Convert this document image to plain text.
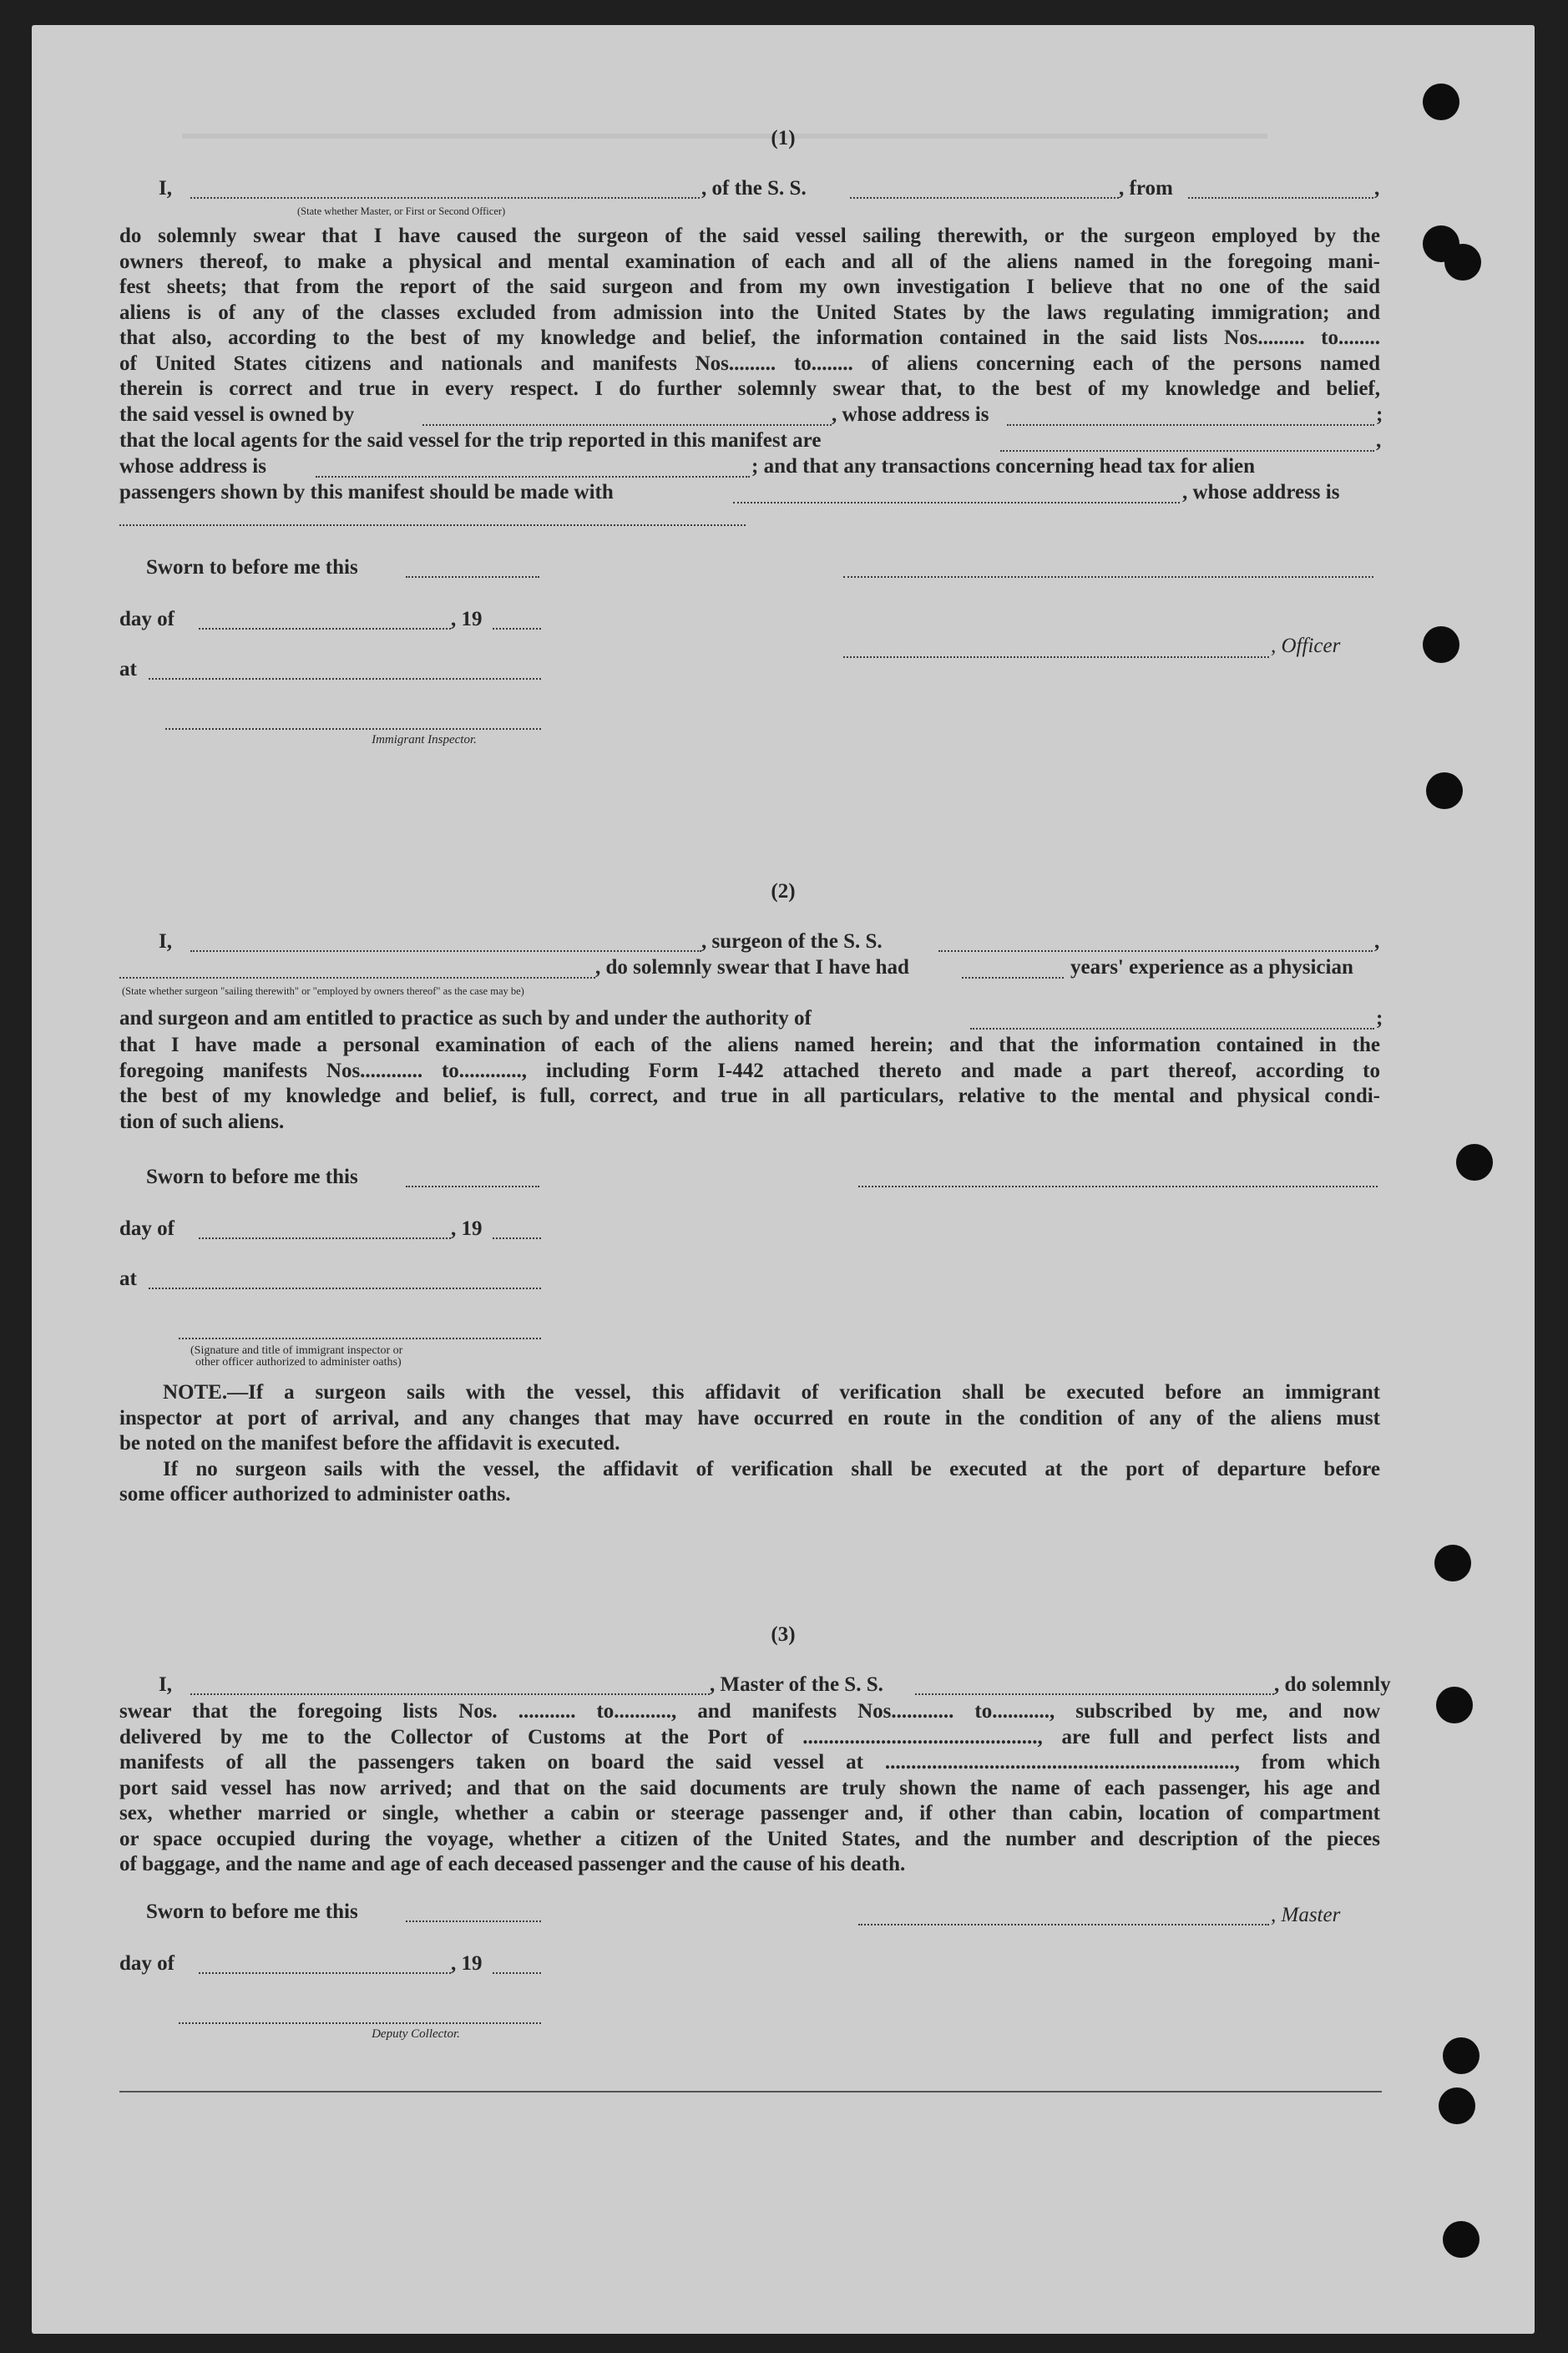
(1)
I,	, of the S. S.	, from	,
(State whether Master, or First or Second Officer)
do solemnly swear that I have caused the surgeon of the said vessel sailing therewith, or the surgeon employed by the
owners thereof, to make a physical and mental examination of each and all of the aliens named in the foregoing mani-
fest sheets; that from the report of the said surgeon and from my own investigation I believe that no one of the said
aliens is of any of the classes excluded from admission into the United States by the laws regulating immigration; and
that also, according to the best of my knowledge and belief, the information contained in the said lists Nos......... to........
of United States citizens and nationals and manifests Nos......... to........ of aliens concerning each of the persons named
therein is correct and true in every respect. I do further solemnly swear that, to the best of my knowledge and belief,
the said vessel is owned by	, whose address is	;
that the local agents for the said vessel for the trip reported in this manifest are	,
whose address is	; and that any transactions concerning head tax for alien
passengers shown by this manifest should be made with	, whose address is
Sworn to before me this
day of	, 19
, Officer
at
Immigrant Inspector.
(2)
I,	, surgeon of the S. S.	,
, do solemnly swear that I have had	years' experience as a physician
(State whether surgeon "sailing therewith" or "employed by owners thereof" as the case may be)
and surgeon and am entitled to practice as such by and under the authority of	;
that I have made a personal examination of each of the aliens named herein; and that the information contained in the
foregoing manifests Nos............ to............, including Form I-442 attached thereto and made a part thereof, according to
the best of my knowledge and belief, is full, correct, and true in all particulars, relative to the mental and physical condi-
tion of such aliens.
Sworn to before me this
day of	, 19
at
(Signature and title of immigrant inspector or
other officer authorized to administer oaths)
NOTE.—If a surgeon sails with the vessel, this affidavit of verification shall be executed before an immigrant
inspector at port of arrival, and any changes that may have occurred en route in the condition of any of the aliens must
be noted on the manifest before the affidavit is executed.
If no surgeon sails with the vessel, the affidavit of verification shall be executed at the port of departure before
some officer authorized to administer oaths.
(3)
I,	, Master of the S. S.	, do solemnly
swear that the foregoing lists Nos. ........... to..........., and manifests Nos............ to..........., subscribed by me, and now
delivered by me to the Collector of Customs at the Port of ............................................., are full and perfect lists and
manifests of all the passengers taken on board the said vessel at ..................................................................., from which
port said vessel has now arrived; and that on the said documents are truly shown the name of each passenger, his age and
sex, whether married or single, whether a cabin or steerage passenger and, if other than cabin, location of compartment
or space occupied during the voyage, whether a citizen of the United States, and the number and description of the pieces
of baggage, and the name and age of each deceased passenger and the cause of his death.
Sworn to before me this	, Master
day of	, 19
Deputy Collector.
